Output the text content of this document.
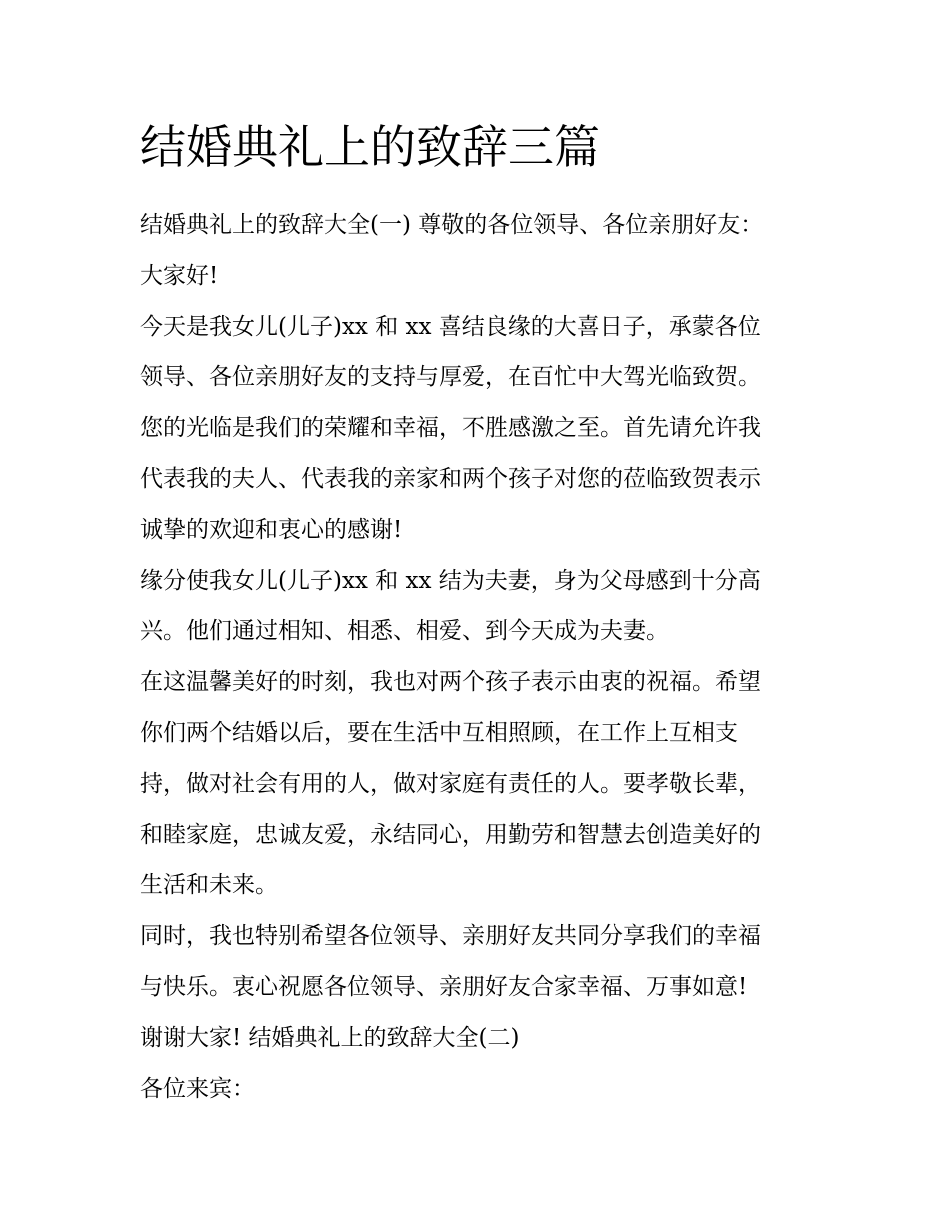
结婚典礼上的致辞三篇
结婚典礼上的致辞大全(一) 尊敬的各位领导、各位亲朋好友：
大家好!
今天是我女儿(儿子)xx 和 xx 喜结良缘的大喜日子，承蒙各位
领导、各位亲朋好友的支持与厚爱，在百忙中大驾光临致贺。
您的光临是我们的荣耀和幸福，不胜感激之至。首先请允许我
代表我的夫人、代表我的亲家和两个孩子对您的莅临致贺表示
诚挚的欢迎和衷心的感谢!
缘分使我女儿(儿子)xx 和 xx 结为夫妻，身为父母感到十分高
兴。他们通过相知、相悉、相爱、到今天成为夫妻。
在这温馨美好的时刻，我也对两个孩子表示由衷的祝福。希望
你们两个结婚以后，要在生活中互相照顾，在工作上互相支
持，做对社会有用的人，做对家庭有责任的人。要孝敬长辈，
和睦家庭，忠诚友爱，永结同心，用勤劳和智慧去创造美好的
生活和未来。
同时，我也特别希望各位领导、亲朋好友共同分享我们的幸福
与快乐。衷心祝愿各位领导、亲朋好友合家幸福、万事如意!
谢谢大家! 结婚典礼上的致辞大全(二)
各位来宾：
